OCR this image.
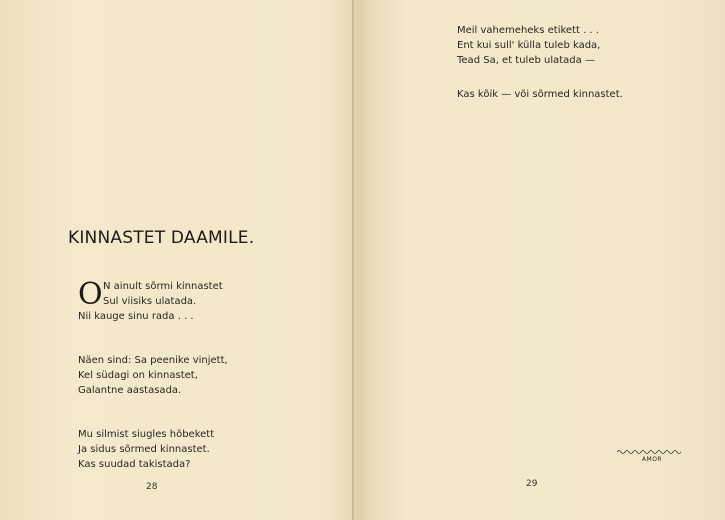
KINNASTET DAAMILE.
O N ainult sõrmi kinnastet
Sul viisiks ulatada.
Nii kauge sinu rada . . .
Näen sind: Sa peenike vinjett,
Kel südagi on kinnastet,
Galantne aastasada.
Mu silmist siugles hõbekett
Ja sidus sõrmed kinnastet.
Kas suudad takistada?
28
Meil vahemeheks etikett . . .
Ent kui sull' külla tuleb kada,
Tead Sa, et tuleb ulatada —
Kas kõik — või sõrmed kinnastet.
AMOR
29
